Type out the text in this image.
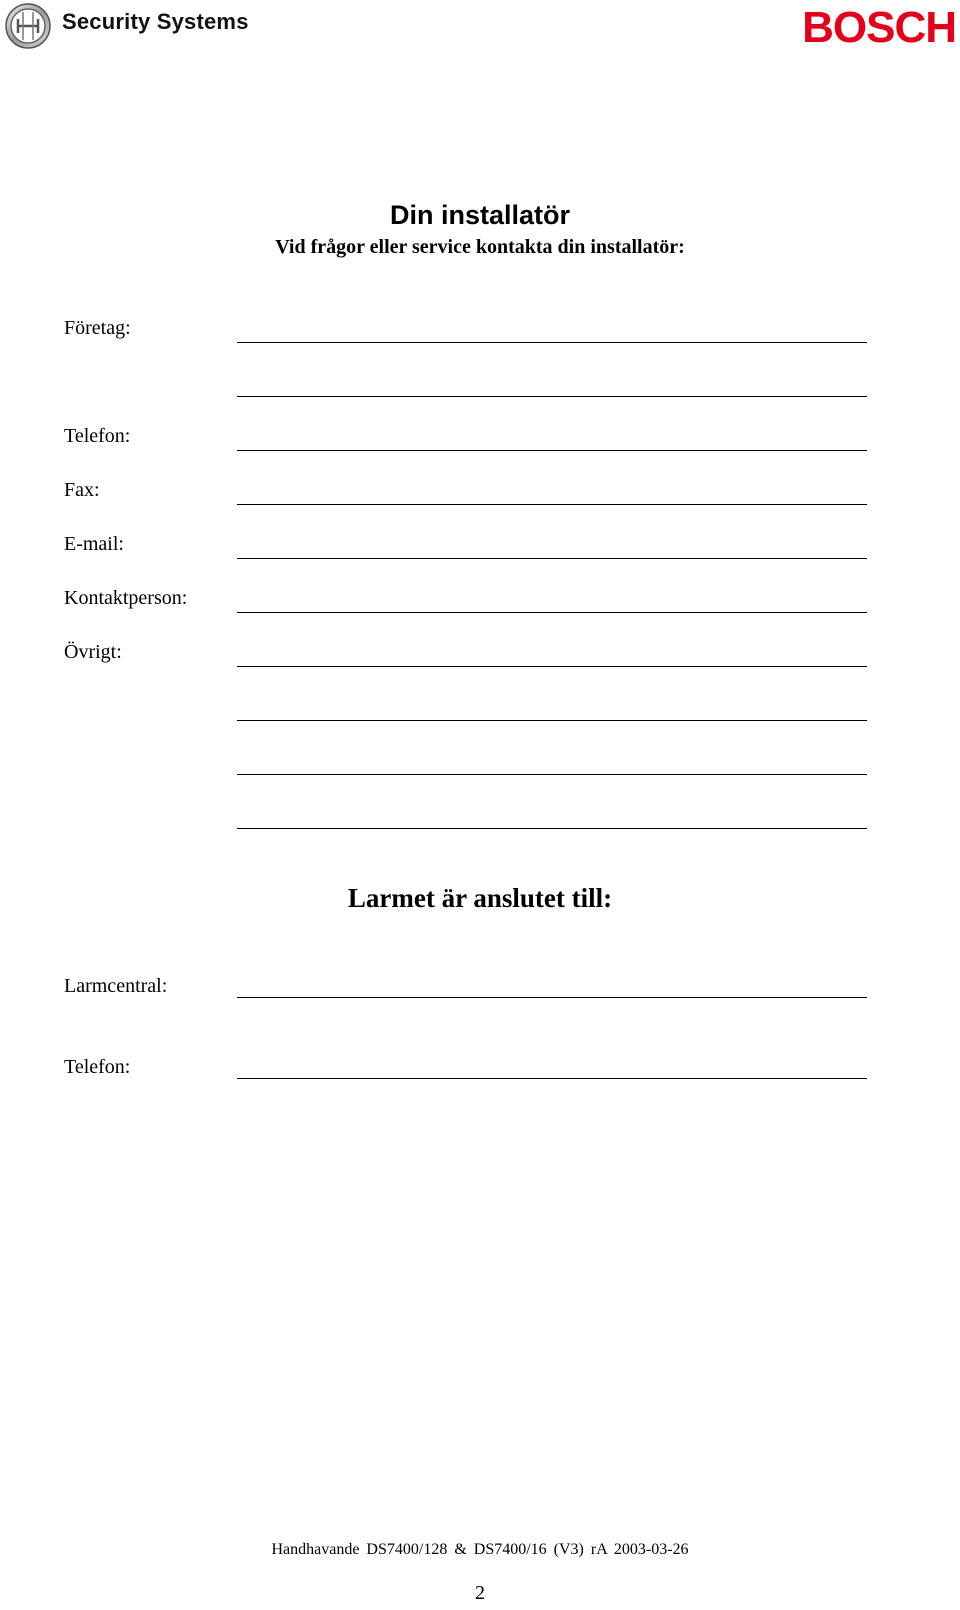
Security Systems	BOSCH
Din installatör
Vid frågor eller service kontakta din installatör:
Företag:
Telefon:
Fax:
E-mail:
Kontaktperson:
Övrigt:
Larmet är anslutet till:
Larmcentral:
Telefon:
Handhavande DS7400/128 & DS7400/16 (V3) rA 2003-03-26
2
